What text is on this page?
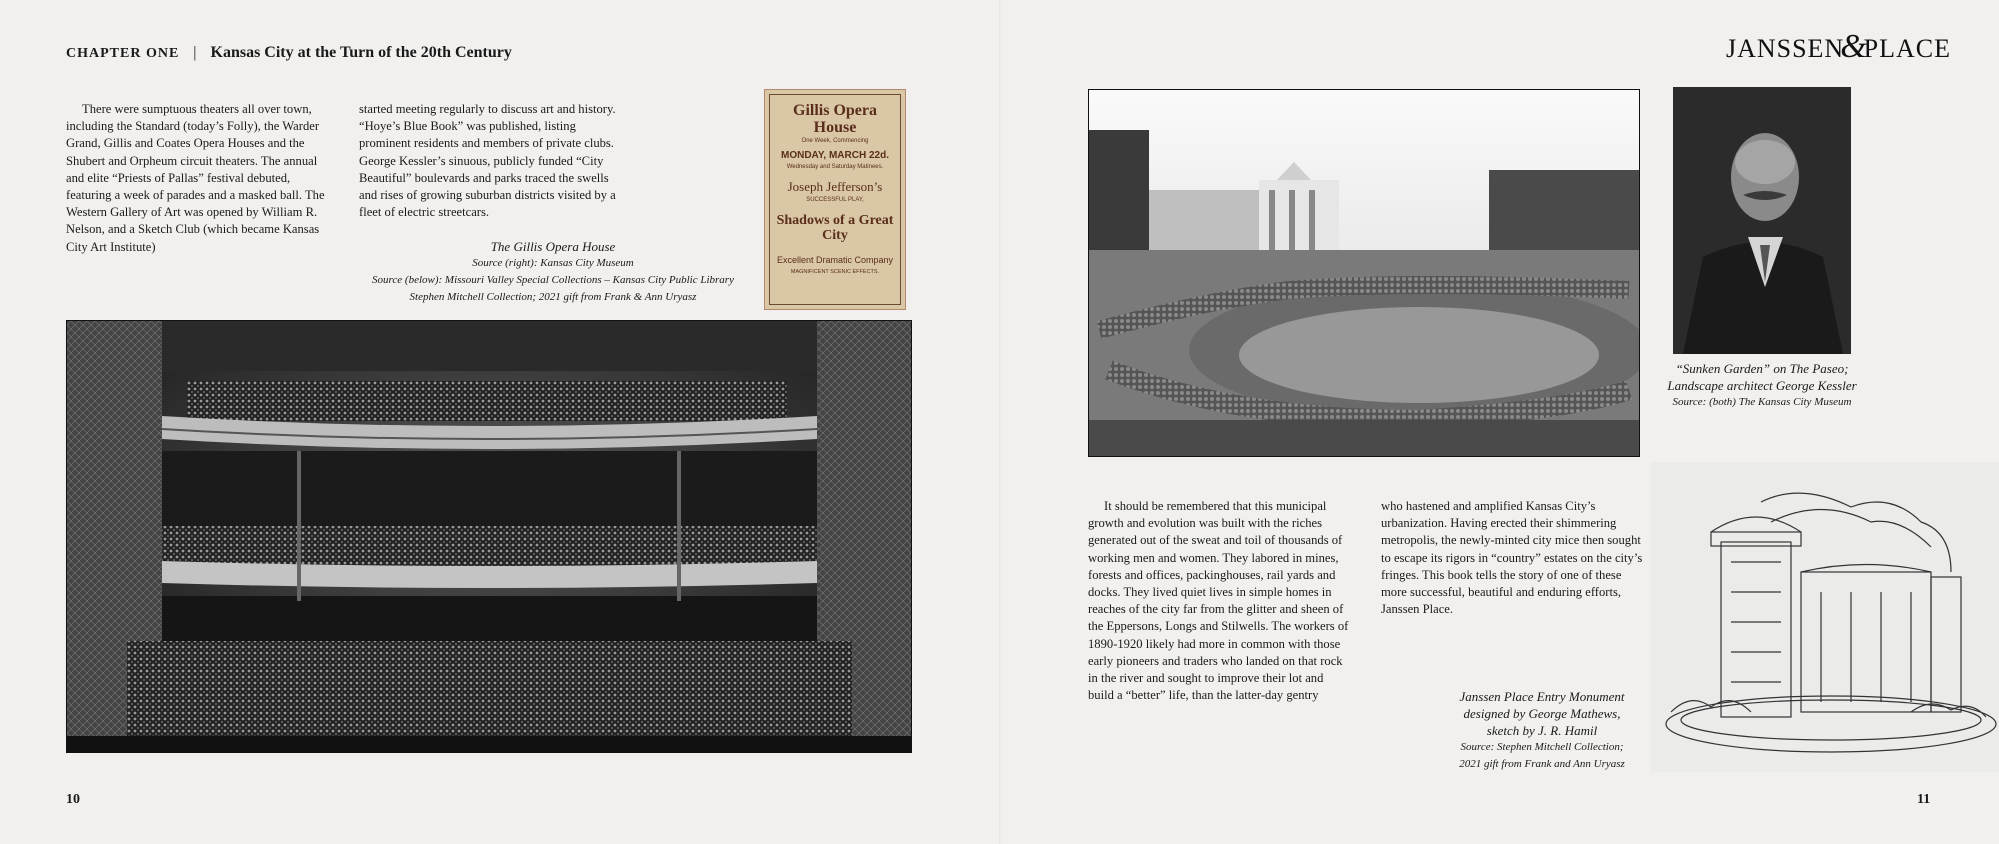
CHAPTER ONE | Kansas City at the Turn of the 20th Century	JANSSEN&PLACE

There were sumptuous theaters all over town, including the Standard (today’s Folly), the Warder Grand, Gillis and Coates Opera Houses and the Shubert and Orpheum circuit theaters. The annual and elite “Priests of Pallas” festival debuted, featuring a week of parades and a masked ball. The Western Gallery of Art was opened by William R. Nelson, and a Sketch Club (which became Kansas City Art Institute)

started meeting regularly to discuss art and history. “Hoye’s Blue Book” was published, listing prominent residents and members of private clubs. George Kessler’s sinuous, publicly funded “City Beautiful” boulevards and parks traced the swells and rises of growing suburban districts visited by a fleet of electric streetcars.

The Gillis Opera House
Source (right): Kansas City Museum
Source (below): Missouri Valley Special Collections – Kansas City Public Library
Stephen Mitchell Collection; 2021 gift from Frank & Ann Uryasz
Gillis Opera House
One Week, Commencing
MONDAY, MARCH 22d.
Wednesday and Saturday Matinees.
Joseph Jefferson’s
SUCCESSFUL PLAY,
Shadows of a Great City
Excellent Dramatic Company
MAGNIFICENT SCENIC EFFECTS.
10
“Sunken Garden” on The Paseo;
Landscape architect George Kessler
Source: (both) The Kansas City Museum

It should be remembered that this municipal growth and evolution was built with the riches generated out of the sweat and toil of thousands of working men and women. They labored in mines, forests and offices, packinghouses, rail yards and docks. They lived quiet lives in simple homes in reaches of the city far from the glitter and sheen of the Eppersons, Longs and Stilwells. The workers of 1890-1920 likely had more in common with those early pioneers and traders who landed on that rock in the river and sought to improve their lot and build a “better” life, than the latter-day gentry

who hastened and amplified Kansas City’s urbanization. Having erected their shimmering metropolis, the newly-minted city mice then sought to escape its rigors in “country” estates on the city’s fringes. This book tells the story of one of these more successful, beautiful and enduring efforts, Janssen Place.

Janssen Place Entry Monument
designed by George Mathews,
sketch by J. R. Hamil
Source: Stephen Mitchell Collection;
2021 gift from Frank and Ann Uryasz
11
